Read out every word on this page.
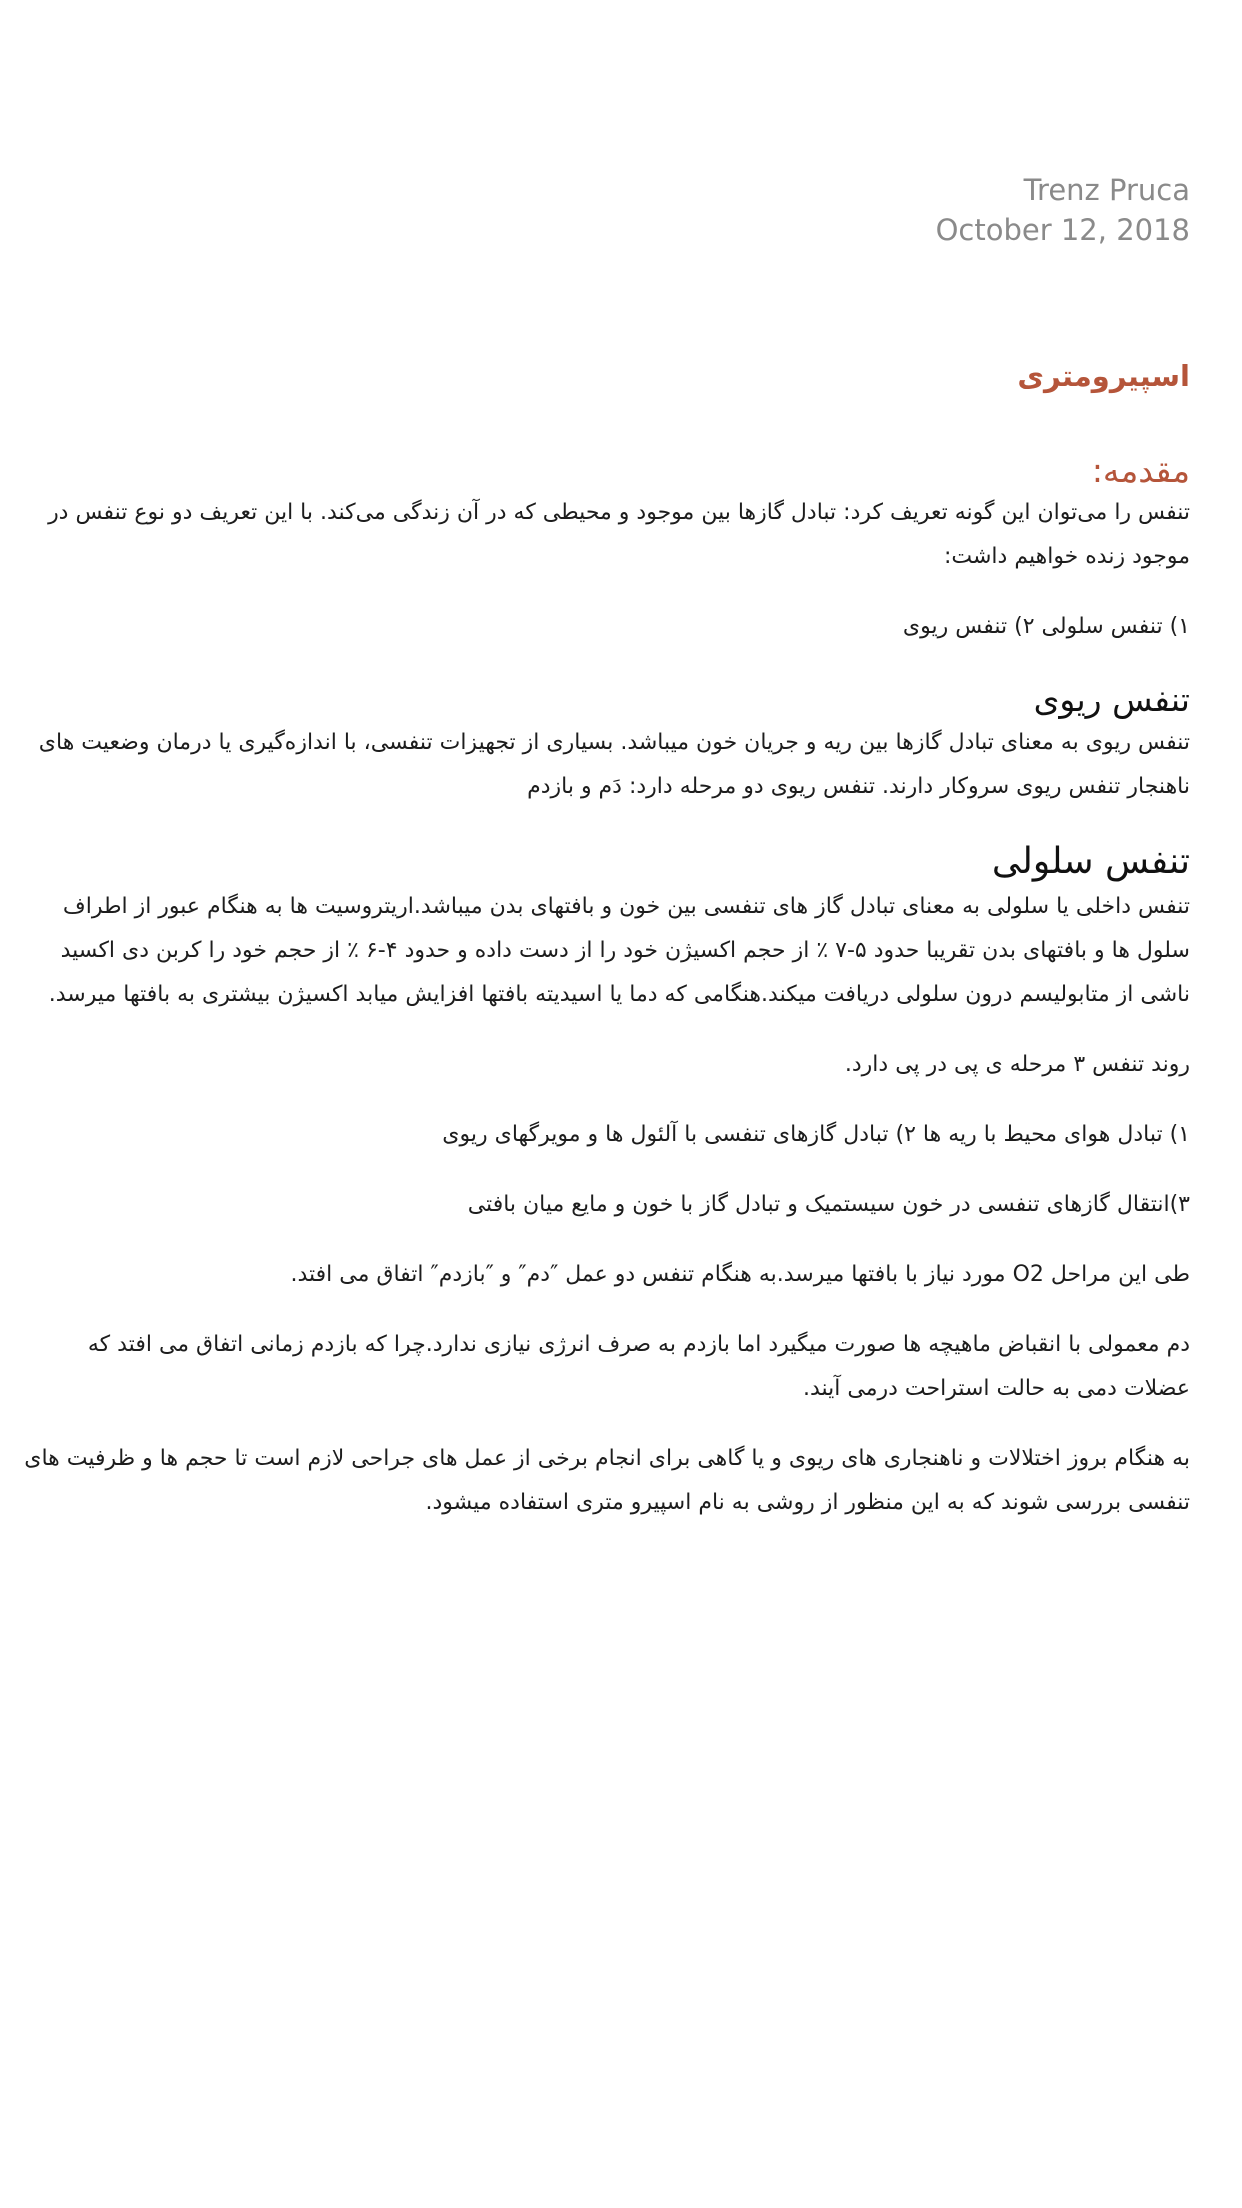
Trenz Pruca
October 12, 2018
اسپیرومتری
مقدمه:

تنفس را می‌توان این گونه تعریف کرد: تبادل گازها بین موجود و محیطی که در آن زندگی می‌کند. با این تعریف دو نوع تنفس در موجود زنده خواهیم داشت:

۱) تنفس سلولی ۲) تنفس ریوی

تنفس ریوی

تنفس ریوی به معنای تبادل گازها بین ریه و جریان خون میباشد. بسیاری از تجهیزات تنفسی، با اندازه‌گیری یا درمان وضعیت های ناهنجار تنفس ریوی سروکار دارند. تنفس ریوی دو مرحله دارد: دَم و بازدم

تنفس سلولی

تنفس داخلی یا سلولی به معنای تبادل گاز های تنفسی بین خون و بافتهای بدن میباشد.اریتروسیت ها به هنگام عبور از اطراف سلول ها و بافتهای بدن تقریبا حدود ۵-۷ ٪ از حجم اکسیژن خود را از دست داده و حدود ۴-۶ ٪ از حجم خود را کربن دی اکسید ناشی از متابولیسم درون سلولی دریافت میکند.هنگامی که دما یا اسیدیته بافتها افزایش میابد اکسیژن بیشتری به بافتها میرسد.

روند تنفس ۳ مرحله ی پی در پی دارد.

۱) تبادل هوای محیط با ریه ها ۲) تبادل گازهای تنفسی با آلئول ها و مویرگهای ریوی

۳)انتقال گازهای تنفسی در خون سیستمیک و تبادل گاز با خون و مایع میان بافتی

طی این مراحل O2 مورد نیاز با بافتها میرسد.به هنگام تنفس دو عمل ″دم″ و ″بازدم″ اتفاق می افتد.

دم معمولی با انقباض ماهیچه ها صورت میگیرد اما بازدم به صرف انرژی نیازی ندارد.چرا که بازدم زمانی اتفاق می افتد که عضلات دمی به حالت استراحت درمی آیند.

به هنگام بروز اختلالات و ناهنجاری های ریوی و یا گاهی برای انجام برخی از عمل های جراحی لازم است تا حجم ها و ظرفیت های تنفسی بررسی شوند که به این منظور از روشی به نام اسپیرو متری استفاده میشود.
